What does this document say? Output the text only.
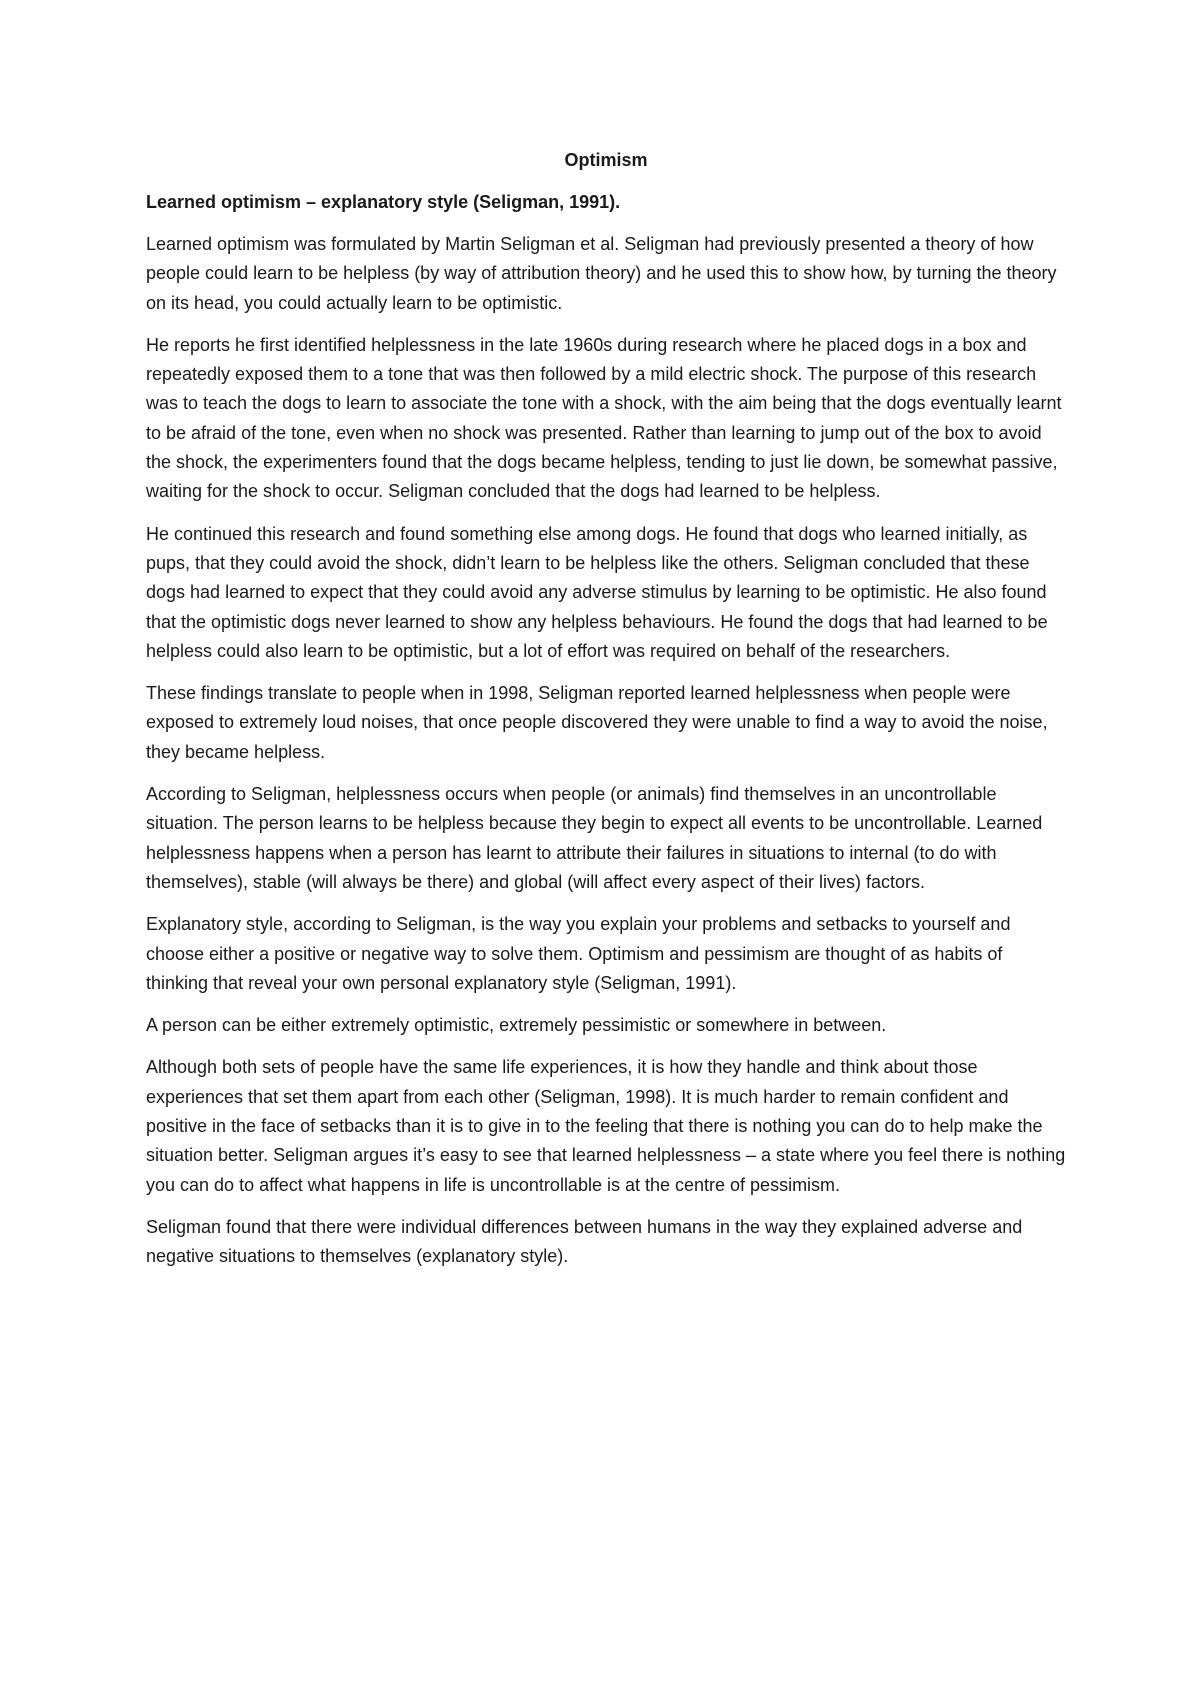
Optimism
Learned optimism – explanatory style (Seligman, 1991).

Learned optimism was formulated by Martin Seligman et al. Seligman had previously presented a theory of how people could learn to be helpless (by way of attribution theory) and he used this to show how, by turning the theory on its head, you could actually learn to be optimistic.

He reports he first identified helplessness in the late 1960s during research where he placed dogs in a box and repeatedly exposed them to a tone that was then followed by a mild electric shock. The purpose of this research was to teach the dogs to learn to associate the tone with a shock, with the aim being that the dogs eventually learnt to be afraid of the tone, even when no shock was presented. Rather than learning to jump out of the box to avoid the shock, the experimenters found that the dogs became helpless, tending to just lie down, be somewhat passive, waiting for the shock to occur. Seligman concluded that the dogs had learned to be helpless.

He continued this research and found something else among dogs. He found that dogs who learned initially, as pups, that they could avoid the shock, didn’t learn to be helpless like the others. Seligman concluded that these dogs had learned to expect that they could avoid any adverse stimulus by learning to be optimistic. He also found that the optimistic dogs never learned to show any helpless behaviours. He found the dogs that had learned to be helpless could also learn to be optimistic, but a lot of effort was required on behalf of the researchers.

These findings translate to people when in 1998, Seligman reported learned helplessness when people were exposed to extremely loud noises, that once people discovered they were unable to find a way to avoid the noise, they became helpless.

According to Seligman, helplessness occurs when people (or animals) find themselves in an uncontrollable situation. The person learns to be helpless because they begin to expect all events to be uncontrollable. Learned helplessness happens when a person has learnt to attribute their failures in situations to internal (to do with themselves), stable (will always be there) and global (will affect every aspect of their lives) factors.

Explanatory style, according to Seligman, is the way you explain your problems and setbacks to yourself and choose either a positive or negative way to solve them. Optimism and pessimism are thought of as habits of thinking that reveal your own personal explanatory style (Seligman, 1991).

A person can be either extremely optimistic, extremely pessimistic or somewhere in between.

Although both sets of people have the same life experiences, it is how they handle and think about those experiences that set them apart from each other (Seligman, 1998). It is much harder to remain confident and positive in the face of setbacks than it is to give in to the feeling that there is nothing you can do to help make the situation better. Seligman argues it’s easy to see that learned helplessness – a state where you feel there is nothing you can do to affect what happens in life is uncontrollable is at the centre of pessimism.

Seligman found that there were individual differences between humans in the way they explained adverse and negative situations to themselves (explanatory style).
